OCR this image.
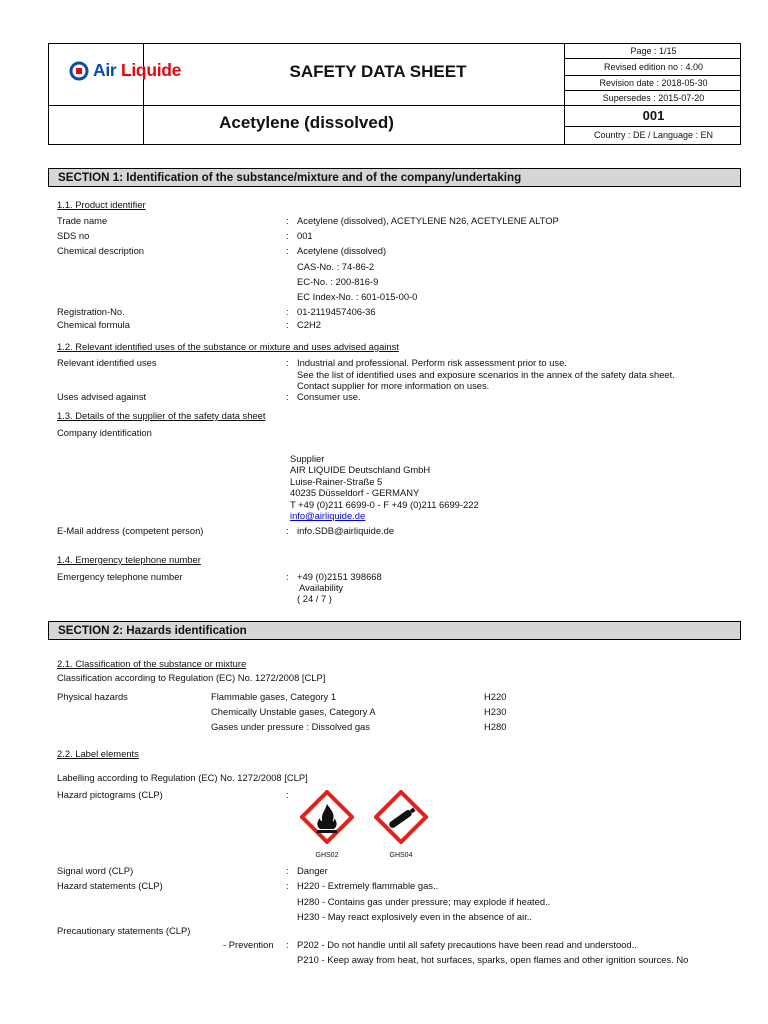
Air Liquide	SAFETY DATA SHEET
Acetylene (dissolved)
Page : 1/15
Revised edition no : 4.00
Revision date : 2018-05-30
Supersedes : 2015-07-20
001
Country : DE / Language : EN
SECTION 1: Identification of the substance/mixture and of the company/undertaking
1.1. Product identifier
Trade name	: Acetylene (dissolved), ACETYLENE N26, ACETYLENE ALTOP
SDS no	: 001
Chemical description	: Acetylene (dissolved)
CAS-No. : 74-86-2
EC-No. : 200-816-9
EC Index-No. : 601-015-00-0
Registration-No.	: 01-2119457406-36
Chemical formula	: C2H2
1.2. Relevant identified uses of the substance or mixture and uses advised against
Relevant identified uses	: Industrial and professional. Perform risk assessment prior to use.
See the list of identified uses and exposure scenarios in the annex of the safety data sheet.
Contact supplier for more information on uses.
Uses advised against	: Consumer use.
1.3. Details of the supplier of the safety data sheet
Company identification
Supplier
AIR LIQUIDE Deutschland GmbH
Luise-Rainer-Straße 5
40235 Düsseldorf - GERMANY
T +49 (0)211 6699-0 - F +49 (0)211 6699-222
info@airliquide.de
E-Mail address (competent person)	: info.SDB@airliquide.de
1.4. Emergency telephone number
Emergency telephone number	: +49 (0)2151 398668
Availability
( 24 / 7 )
SECTION 2: Hazards identification
2.1. Classification of the substance or mixture
Classification according to Regulation (EC) No. 1272/2008 [CLP]
Physical hazards	Flammable gases, Category 1	H220
Chemically Unstable gases, Category A	H230
Gases under pressure : Dissolved gas	H280
2.2. Label elements
Labelling according to Regulation (EC) No. 1272/2008 [CLP]
Hazard pictograms (CLP)	:
GHS02	GHS04
Signal word (CLP)	: Danger
Hazard statements (CLP)	: H220 - Extremely flammable gas..
H280 - Contains gas under pressure; may explode if heated..
H230 - May react explosively even in the absence of air..
Precautionary statements (CLP)
- Prevention : P202 - Do not handle until all safety precautions have been read and understood..
P210 - Keep away from heat, hot surfaces, sparks, open flames and other ignition sources. No
